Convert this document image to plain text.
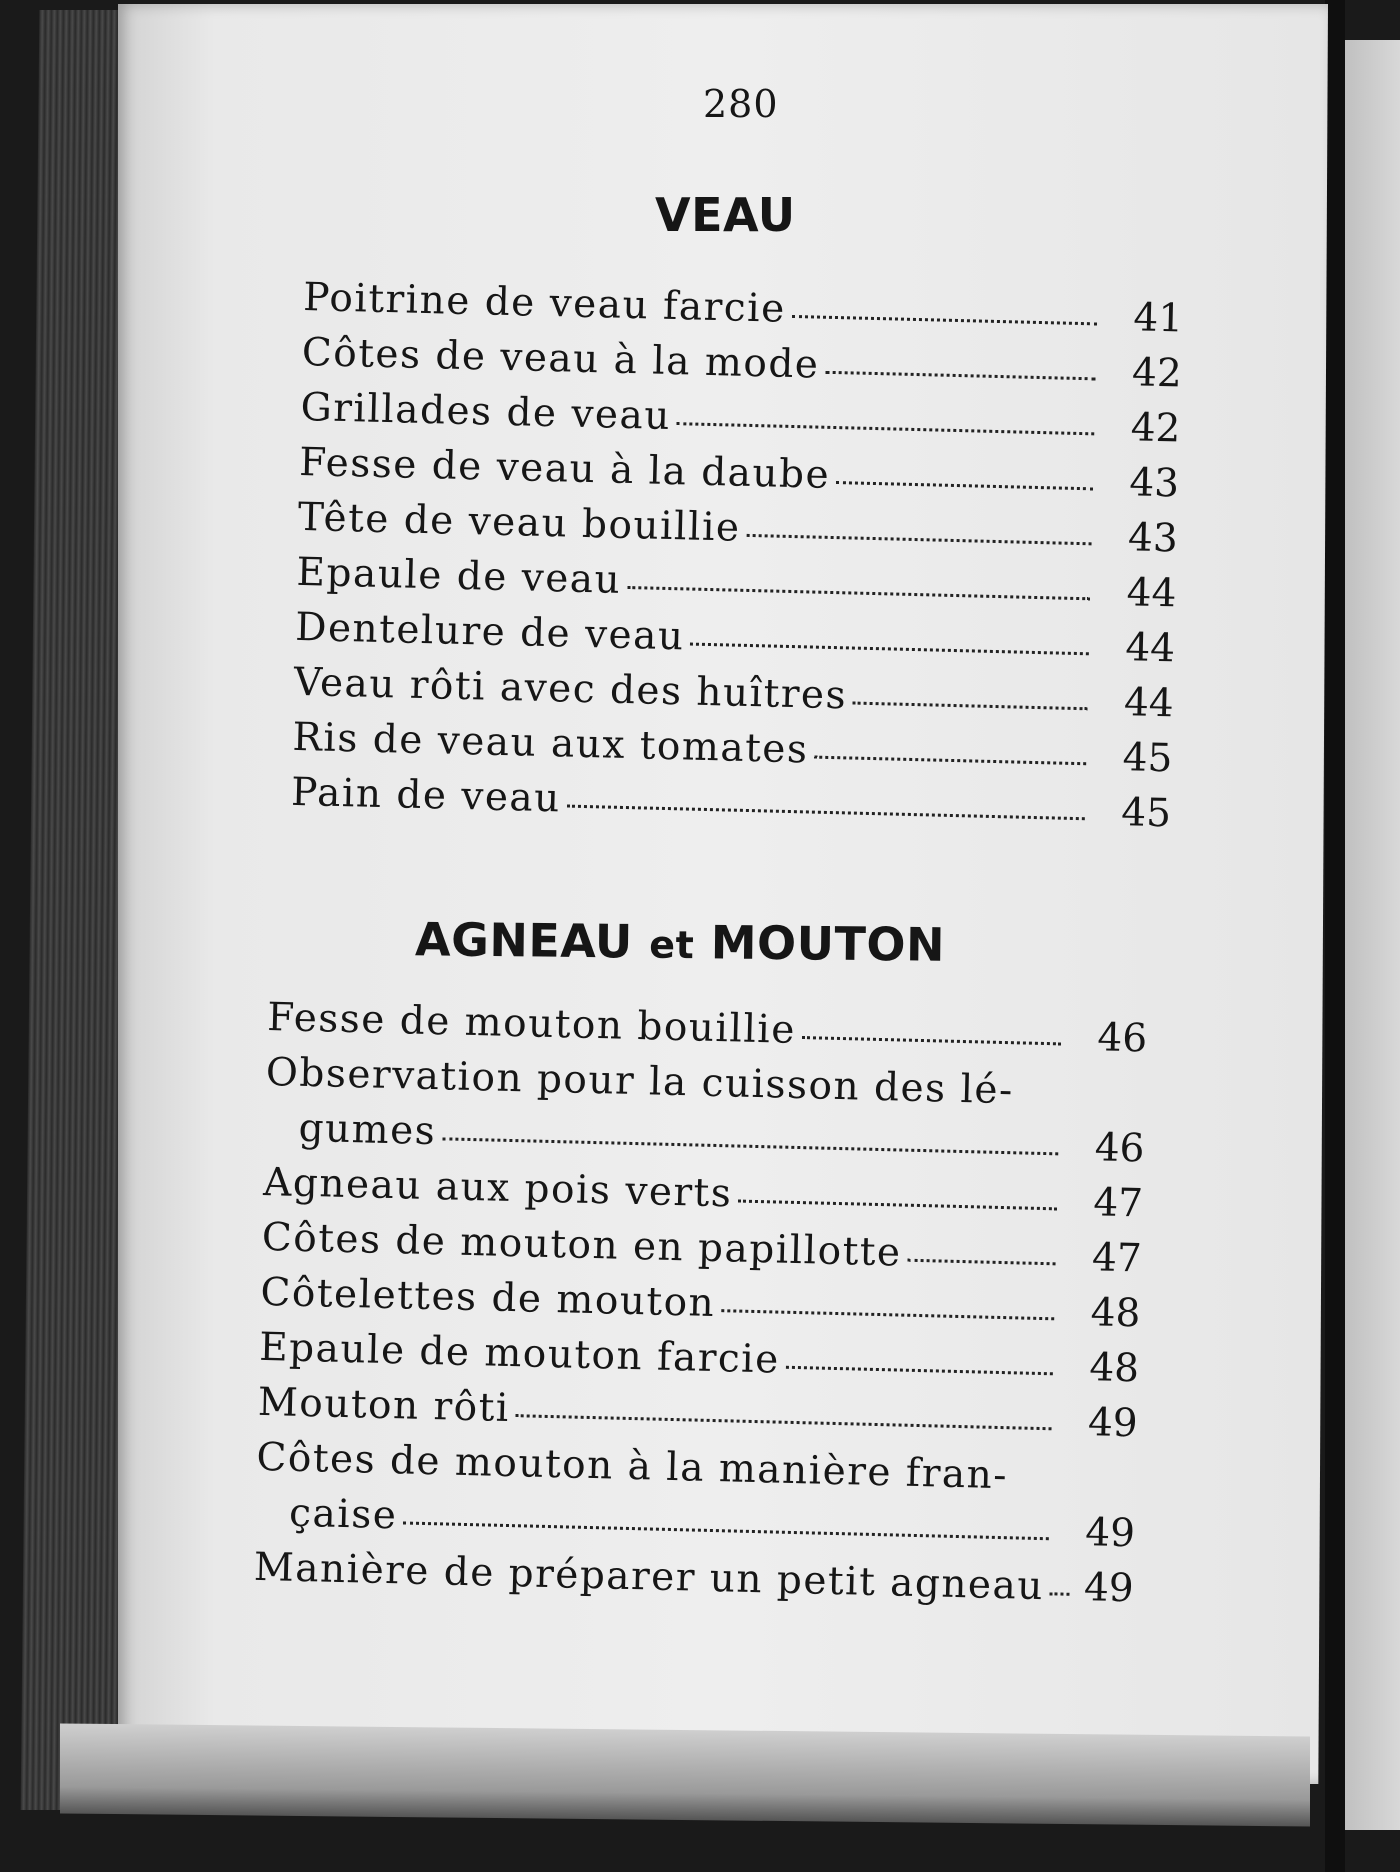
280
VEAU
Poitrine de veau farcie	41
Côtes de veau à la mode	42
Grillades de veau	42
Fesse de veau à la daube	43
Tête de veau bouillie	43
Epaule de veau	44
Dentelure de veau	44
Veau rôti avec des huîtres	44
Ris de veau aux tomates	45
Pain de veau	45
AGNEAU et MOUTON
Fesse de mouton bouillie	46
Observation pour la cuisson des lé-
gumes	46
Agneau aux pois verts	47
Côtes de mouton en papillotte	47
Côtelettes de mouton	48
Epaule de mouton farcie	48
Mouton rôti	49
Côtes de mouton à la manière fran-
çaise	49
Manière de préparer un petit agneau 49
